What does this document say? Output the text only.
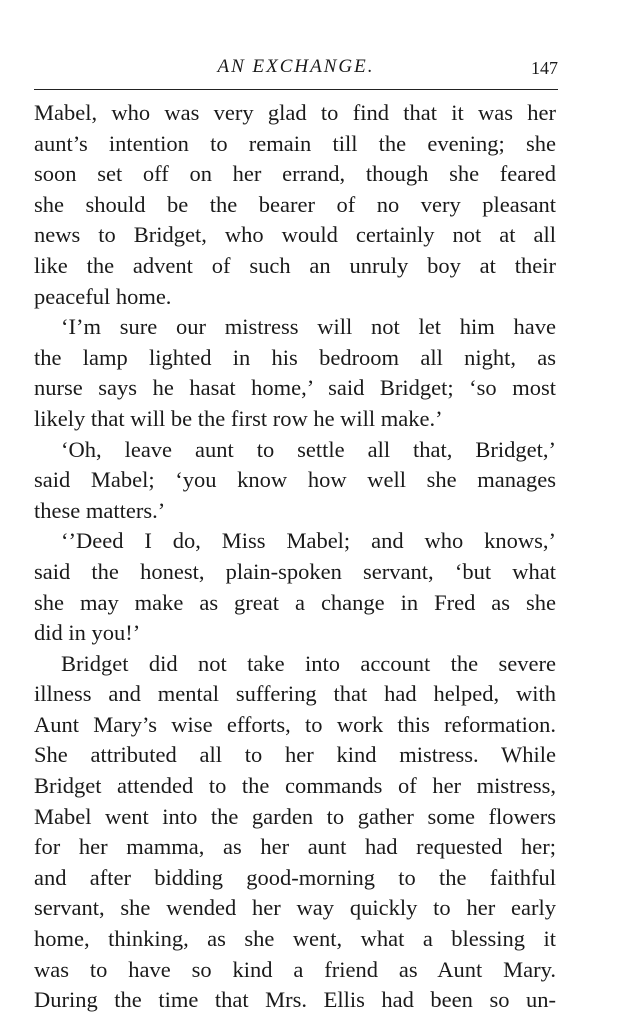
AN EXCHANGE.	147
Mabel, who was very glad to find that it was her
aunt’s intention to remain till the evening; she
soon set off on her errand, though she feared
she should be the bearer of no very pleasant
news to Bridget, who would certainly not at all
like the advent of such an unruly boy at their
peaceful home.
‘I’m sure our mistress will not let him have
the lamp lighted in his bedroom all night, as
nurse says he hasat home,’ said Bridget; ‘so most
likely that will be the first row he will make.’
‘Oh, leave aunt to settle all that, Bridget,’
said Mabel; ‘you know how well she manages
these matters.’
‘’Deed I do, Miss Mabel; and who knows,’
said the honest, plain-spoken servant, ‘but what
she may make as great a change in Fred as she
did in you!’
Bridget did not take into account the severe
illness and mental suffering that had helped, with
Aunt Mary’s wise efforts, to work this reformation.
She attributed all to her kind mistress. While
Bridget attended to the commands of her mistress,
Mabel went into the garden to gather some flowers
for her mamma, as her aunt had requested her;
and after bidding good-morning to the faithful
servant, she wended her way quickly to her early
home, thinking, as she went, what a blessing it
was to have so kind a friend as Aunt Mary.
During the time that Mrs. Ellis had been so un-
